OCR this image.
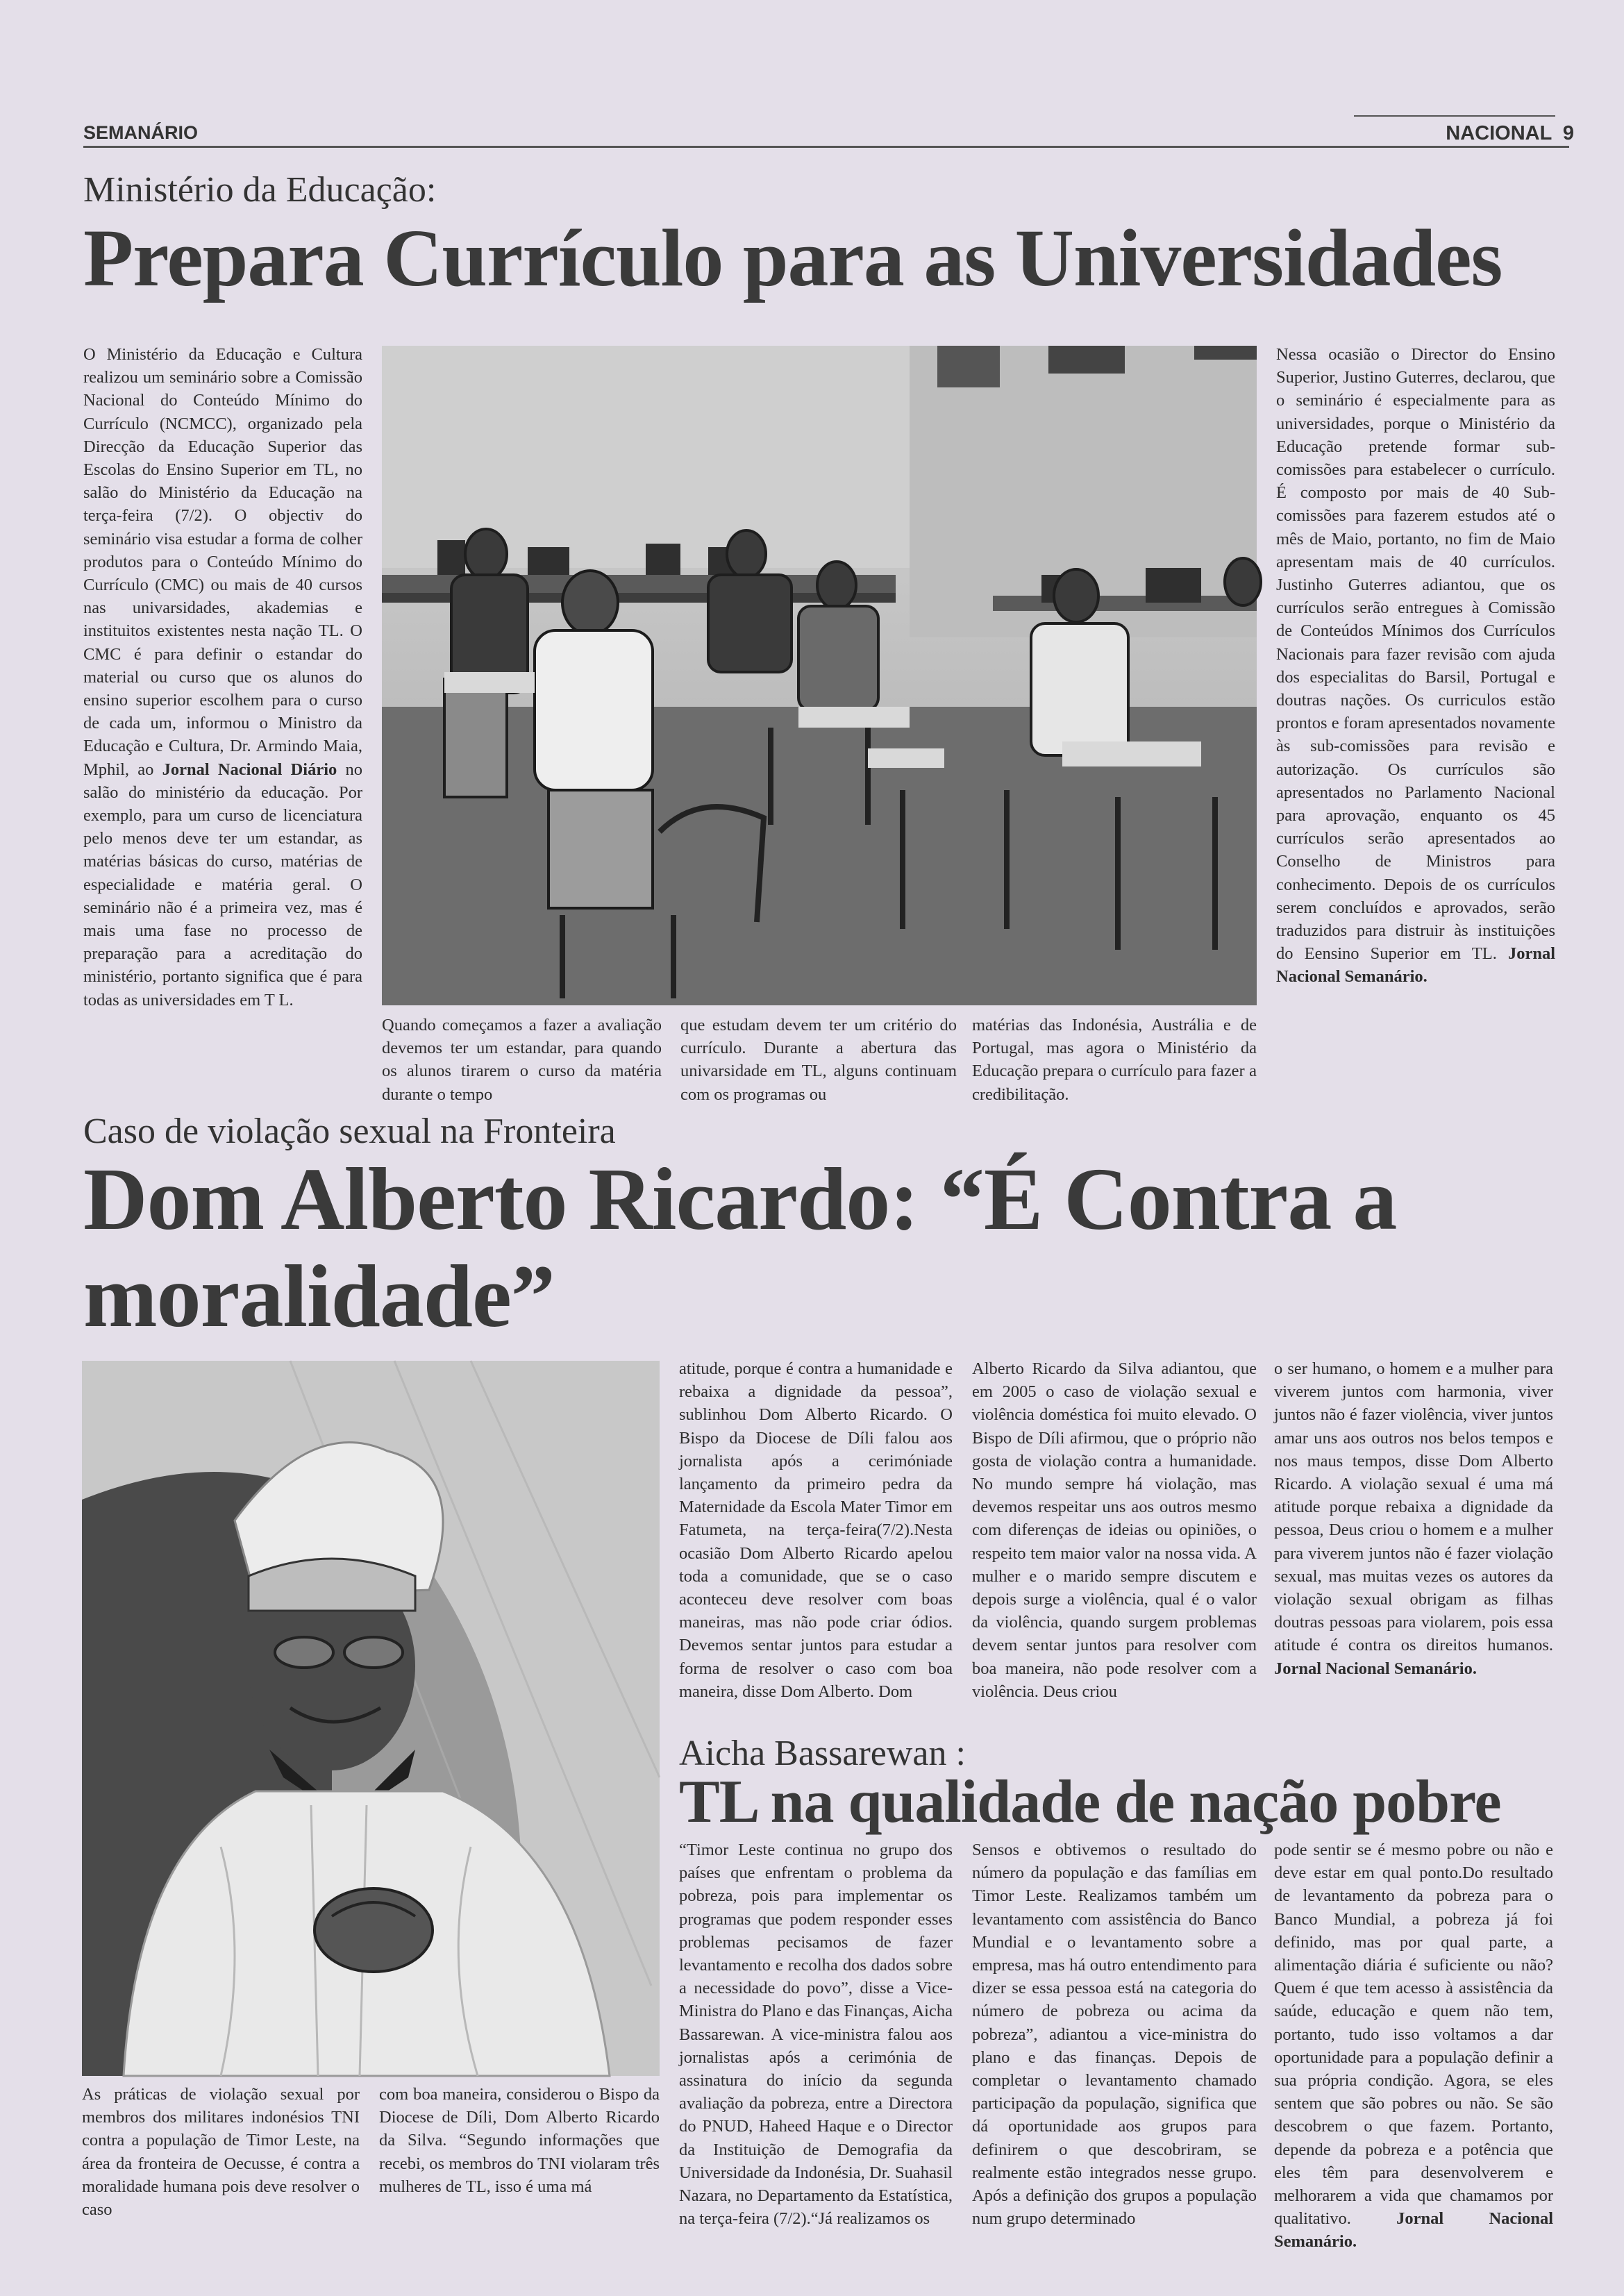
SEMANÁRIO	NACIONAL 9
Ministério da Educação:
Prepara Currículo para as Universidades

O Ministério da Educação e Cultura realizou um seminário sobre a Comissão Nacional do Conteúdo Mínimo do Currículo (NCMCC), organizado pela Direcção da Educação Superior das Escolas do Ensino Superior em TL, no salão do Ministério da Educação na terça-feira (7/2). O objectiv do seminário visa estudar a forma de colher produtos para o Conteúdo Mínimo do Currículo (CMC) ou mais de 40 cursos nas univarsidades, akademias e instituitos existentes nesta nação TL. O CMC é para definir o estandar do material ou curso que os alunos do ensino superior escolhem para o curso de cada um, informou o Ministro da Educação e Cultura, Dr. Armindo Maia, Mphil, ao Jornal Nacional Diário no salão do ministério da educação. Por exemplo, para um curso de licenciatura pelo menos deve ter um estandar, as matérias básicas do curso, matérias de especialidade e matéria geral. O seminário não é a primeira vez, mas é mais uma fase no processo de preparação para a acreditação do ministério, portanto significa que é para todas as universidades em T L.

Quando começamos a fazer a avaliação devemos ter um estandar, para quando os alunos tirarem o curso da matéria durante o tempo

que estudam devem ter um critério do currículo. Durante a abertura das univarsidade em TL, alguns continuam com os programas ou

matérias das Indonésia, Austrália e de Portugal, mas agora o Ministério da Educação prepara o currículo para fazer a credibilitação.

Nessa ocasião o Director do Ensino Superior, Justino Guterres, declarou, que o seminário é especialmente para as universidades, porque o Ministério da Educação pretende formar sub-comissões para estabelecer o currículo. É composto por mais de 40 Sub-comissões para fazerem estudos até o mês de Maio, portanto, no fim de Maio apresentam mais de 40 currículos. Justinho Guterres adiantou, que os currículos serão entregues à Comissão de Conteúdos Mínimos dos Currículos Nacionais para fazer revisão com ajuda dos especialitas do Barsil, Portugal e doutras nações. Os curriculos estão prontos e foram apresentados novamente às sub-comissões para revisão e autorização. Os currículos são apresentados no Parlamento Nacional para aprovação, enquanto os 45 currículos serão apresentados ao Conselho de Ministros para conhecimento. Depois de os currículos serem concluídos e aprovados, serão traduzidos para distruir às instituições do Eensino Superior em TL. Jornal Nacional Semanário.

Caso de violação sexual na Fronteira
Dom Alberto Ricardo: “É Contra a
moralidade”

As práticas de violação sexual por membros dos militares indonésios TNI contra a população de Timor Leste, na área da fronteira de Oecusse, é contra a moralidade humana pois deve resolver o caso

com boa maneira, considerou o Bispo da Diocese de Díli, Dom Alberto Ricardo da Silva. “Segundo informações que recebi, os membros do TNI violaram três mulheres de TL, isso é uma má

atitude, porque é contra a humanidade e rebaixa a dignidade da pessoa”, sublinhou Dom Alberto Ricardo. O Bispo da Diocese de Díli falou aos jornalista após a cerimóniade lançamento da primeiro pedra da Maternidade da Escola Mater Timor em Fatumeta, na terça-feira(7/2).Nesta ocasião Dom Alberto Ricardo apelou toda a comunidade, que se o caso aconteceu deve resolver com boas maneiras, mas não pode criar ódios. Devemos sentar juntos para estudar a forma de resolver o caso com boa maneira, disse Dom Alberto. Dom

Alberto Ricardo da Silva adiantou, que em 2005 o caso de violação sexual e violência doméstica foi muito elevado. O Bispo de Díli afirmou, que o próprio não gosta de violação contra a humanidade. No mundo sempre há violação, mas devemos respeitar uns aos outros mesmo com diferenças de ideias ou opiniões, o respeito tem maior valor na nossa vida. A mulher e o marido sempre discutem e depois surge a violência, qual é o valor da violência, quando surgem problemas devem sentar juntos para resolver com boa maneira, não pode resolver com a violência. Deus criou

o ser humano, o homem e a mulher para viverem juntos com harmonia, viver juntos não é fazer violência, viver juntos amar uns aos outros nos belos tempos e nos maus tempos, disse Dom Alberto Ricardo. A violação sexual é uma má atitude porque rebaixa a dignidade da pessoa, Deus criou o homem e a mulher para viverem juntos não é fazer violação sexual, mas muitas vezes os autores da violação sexual obrigam as filhas doutras pessoas para violarem, pois essa atitude é contra os direitos humanos. Jornal Nacional Semanário.

Aicha Bassarewan :
TL na qualidade de nação pobre

“Timor Leste continua no grupo dos países que enfrentam o problema da pobreza, pois para implementar os programas que podem responder esses problemas pecisamos de fazer levantamento e recolha dos dados sobre a necessidade do povo”, disse a Vice-Ministra do Plano e das Finanças, Aicha Bassarewan. A vice-ministra falou aos jornalistas após a cerimónia de assinatura do início da segunda avaliação da pobreza, entre a Directora do PNUD, Haheed Haque e o Director da Instituição de Demografia da Universidade da Indonésia, Dr. Suahasil Nazara, no Departamento da Estatística, na terça-feira (7/2).“Já realizamos os

Sensos e obtivemos o resultado do número da população e das famílias em Timor Leste. Realizamos também um levantamento com assistência do Banco Mundial e o levantamento sobre a empresa, mas há outro entendimento para dizer se essa pessoa está na categoria do número de pobreza ou acima da pobreza”, adiantou a vice-ministra do plano e das finanças. Depois de completar o levantamento chamado participação da população, significa que dá oportunidade aos grupos para definirem o que descobriram, se realmente estão integrados nesse grupo. Após a definição dos grupos a população num grupo determinado

pode sentir se é mesmo pobre ou não e deve estar em qual ponto.Do resultado de levantamento da pobreza para o Banco Mundial, a pobreza já foi definido, mas por qual parte, a alimentação diária é suficiente ou não? Quem é que tem acesso à assistência da saúde, educação e quem não tem, portanto, tudo isso voltamos a dar oportunidade para a população definir a sua própria condição. Agora, se eles sentem que são pobres ou não. Se são descobrem o que fazem. Portanto, depende da pobreza e a potência que eles têm para desenvolverem e melhorarem a vida que chamamos por qualitativo.	Jornal Nacional Semanário.
